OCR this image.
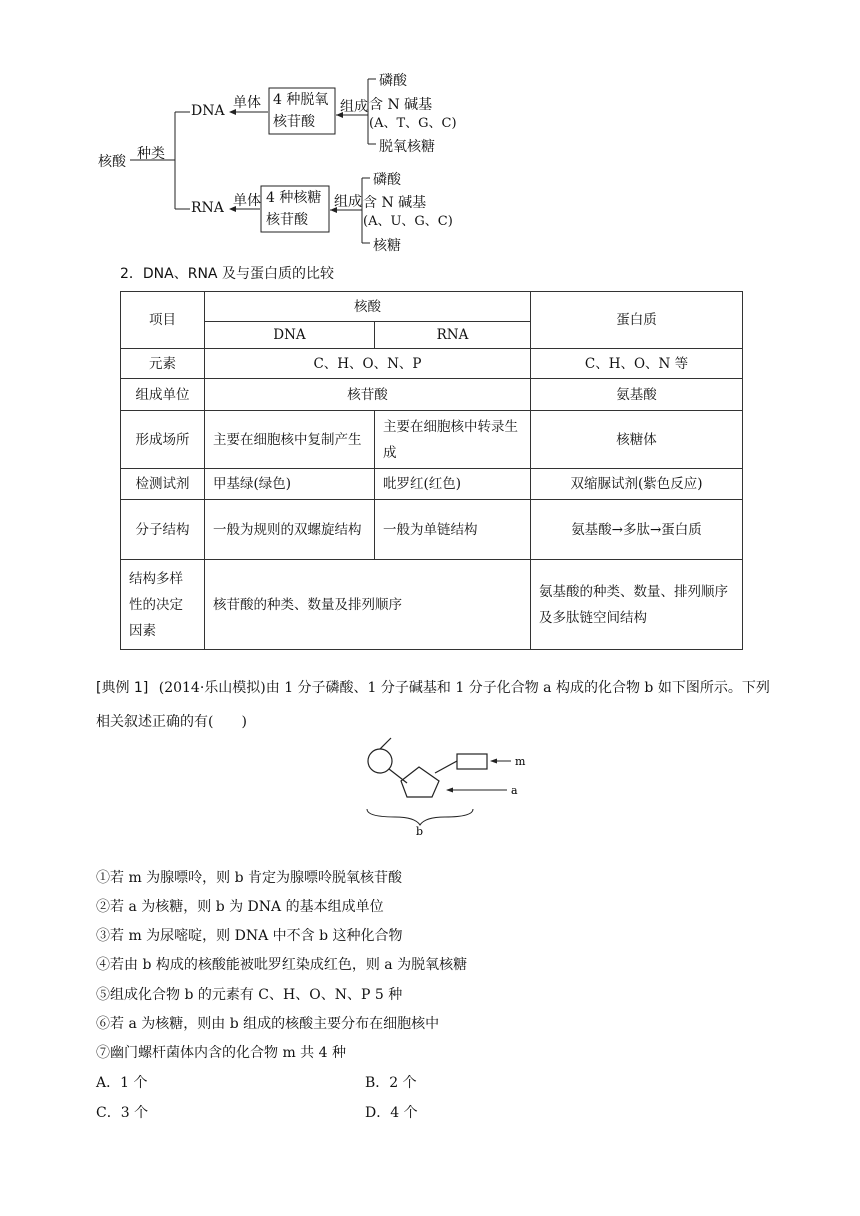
核酸 种类
DNA 单体 4 种脱氧
核苷酸
组成
磷酸
含 N 碱基
(A、T、G、C)
脱氧核糖
RNA 单体 4 种核糖
核苷酸
组成
磷酸
含 N 碱基
(A、U、G、C)
核糖
2．DNA、RNA 及与蛋白质的比较
项目	核酸		蛋白质
	DNA	RNA	
元素	C、H、O、N、P		C、H、O、N 等
组成单位	核苷酸		氨基酸
形成场所	主要在细胞核中复制产生	主要在细胞核中转录生成	核糖体
检测试剂	甲基绿(绿色)	吡罗红(红色)	双缩脲试剂(紫色反应)
分子结构	一般为规则的双螺旋结构	一般为单链结构	氨基酸→多肽→蛋白质
结构多样性的决定因素	核苷酸的种类、数量及排列顺序		氨基酸的种类、数量、排列顺序及多肽链空间结构
[典例 1] (2014·乐山模拟)由 1 分子磷酸、1 分子碱基和 1 分子化合物 a 构成的化合物 b 如下图所示。下列
相关叙述正确的有(　　)
m
a
b
①若 m 为腺嘌呤，则 b 肯定为腺嘌呤脱氧核苷酸
②若 a 为核糖，则 b 为 DNA 的基本组成单位
③若 m 为尿嘧啶，则 DNA 中不含 b 这种化合物
④若由 b 构成的核酸能被吡罗红染成红色，则 a 为脱氧核糖
⑤组成化合物 b 的元素有 C、H、O、N、P 5 种
⑥若 a 为核糖，则由 b 组成的核酸主要分布在细胞核中
⑦幽门螺杆菌体内含的化合物 m 共 4 种
A．1 个	B．2 个
C．3 个	D．4 个
